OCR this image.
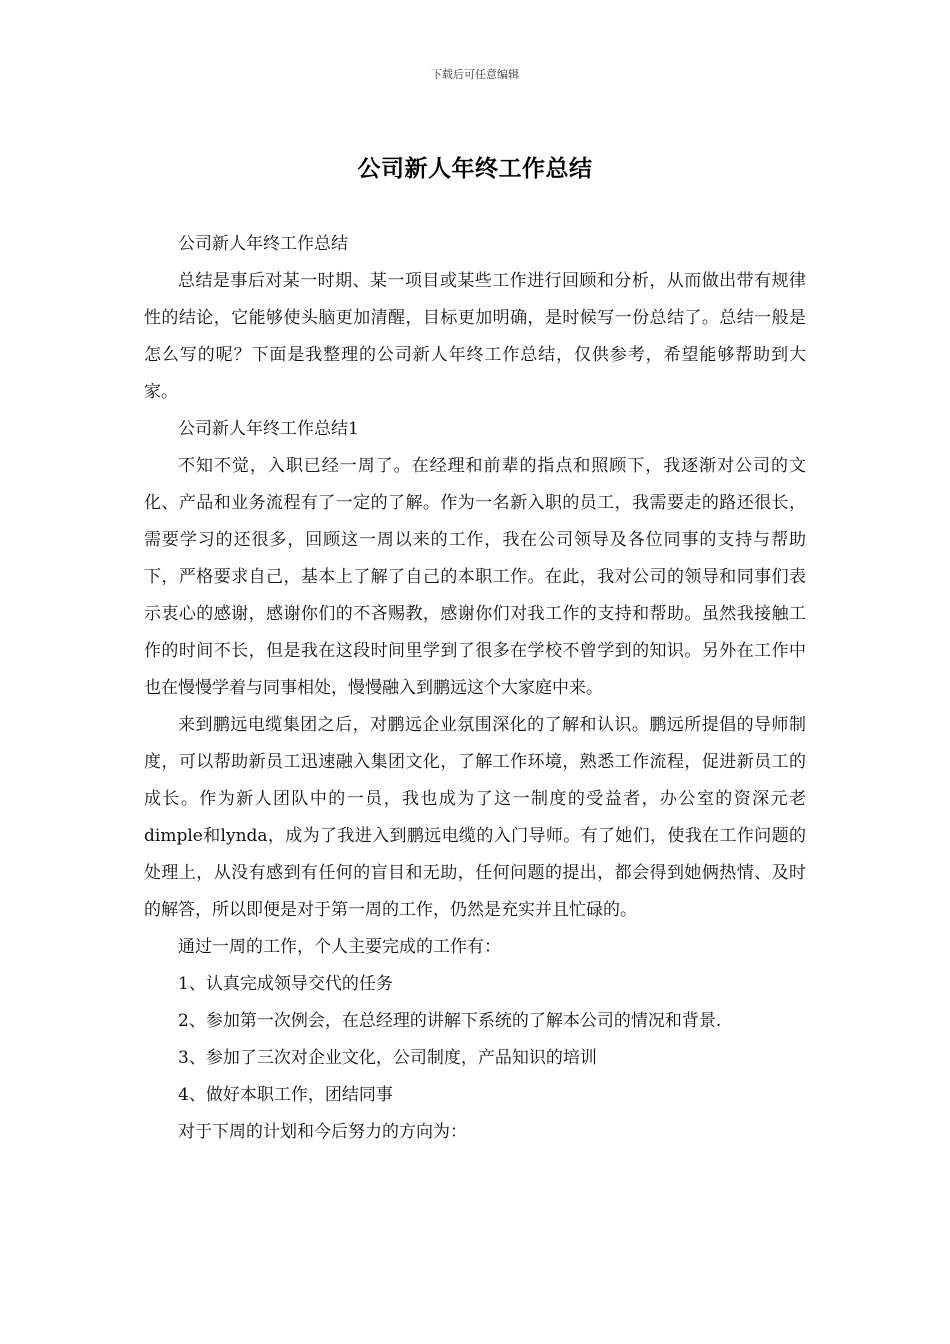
下载后可任意编辑
公司新人年终工作总结

公司新人年终工作总结

总结是事后对某一时期、某一项目或某些工作进行回顾和分析，从而做出带有规律性的结论，它能够使头脑更加清醒，目标更加明确，是时候写一份总结了。总结一般是怎么写的呢？下面是我整理的公司新人年终工作总结，仅供参考，希望能够帮助到大家。

公司新人年终工作总结1

不知不觉，入职已经一周了。在经理和前辈的指点和照顾下，我逐渐对公司的文化、产品和业务流程有了一定的了解。作为一名新入职的员工，我需要走的路还很长，需要学习的还很多，回顾这一周以来的工作，我在公司领导及各位同事的支持与帮助下，严格要求自己，基本上了解了自己的本职工作。在此，我对公司的领导和同事们表示衷心的感谢，感谢你们的不吝赐教，感谢你们对我工作的支持和帮助。虽然我接触工作的时间不长，但是我在这段时间里学到了很多在学校不曾学到的知识。另外在工作中也在慢慢学着与同事相处，慢慢融入到鹏远这个大家庭中来。

来到鹏远电缆集团之后，对鹏远企业氛围深化的了解和认识。鹏远所提倡的导师制度，可以帮助新员工迅速融入集团文化，了解工作环境，熟悉工作流程，促进新员工的成长。作为新人团队中的一员，我也成为了这一制度的受益者，办公室的资深元老dimple和lynda，成为了我进入到鹏远电缆的入门导师。有了她们，使我在工作问题的处理上，从没有感到有任何的盲目和无助，任何问题的提出，都会得到她俩热情、及时的解答，所以即便是对于第一周的工作，仍然是充实并且忙碌的。

通过一周的工作，个人主要完成的工作有：

1、认真完成领导交代的任务

2、参加第一次例会，在总经理的讲解下系统的了解本公司的情况和背景.

3、参加了三次对企业文化，公司制度，产品知识的培训

4、做好本职工作，团结同事

对于下周的计划和今后努力的方向为：
